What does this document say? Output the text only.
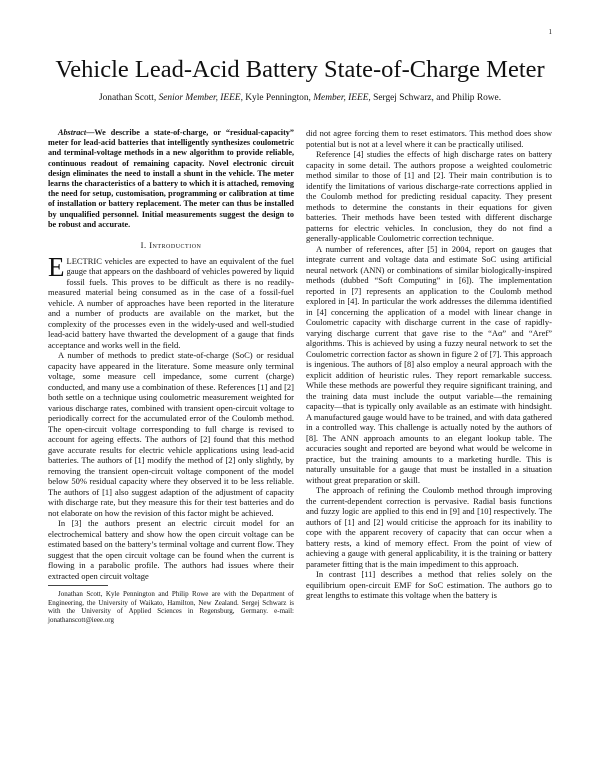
1
Vehicle Lead-Acid Battery State-of-Charge Meter
Jonathan Scott, Senior Member, IEEE, Kyle Pennington, Member, IEEE, Sergej Schwarz, and Philip Rowe.

Abstract—We describe a state-of-charge, or “residual-capacity” meter for lead-acid batteries that intelligently synthesizes coulometric and terminal-voltage methods in a new algorithm to provide reliable, continuous readout of remaining capacity. Novel electronic circuit design eliminates the need to install a shunt in the vehicle. The meter learns the characteristics of a battery to which it is attached, removing the need for setup, customisation, programming or calibration at time of installation or battery replacement. The meter can thus be installed by unqualified personnel. Initial measurements suggest the design to be robust and accurate.

I. Introduction

ELECTRIC vehicles are expected to have an equivalent of the fuel gauge that appears on the dashboard of vehicles powered by liquid fossil fuels. This proves to be difficult as there is no readily-measured material being consumed as in the case of a fossil-fuel vehicle. A number of approaches have been reported in the literature and a number of products are available on the market, but the complexity of the processes even in the widely-used and well-studied lead-acid battery have thwarted the development of a gauge that finds acceptance and works well in the field.

A number of methods to predict state-of-charge (SoC) or residual capacity have appeared in the literature. Some measure only terminal voltage, some measure cell impedance, some current (charge) conducted, and many use a combination of these. References [1] and [2] both settle on a technique using coulometric measurement weighted for various discharge rates, combined with transient open-circuit voltage to periodically correct for the accumulated error of the Coulomb method. The open-circuit voltage corresponding to full charge is revised to account for ageing effects. The authors of [2] found that this method gave accurate results for electric vehicle applications using lead-acid batteries. The authors of [1] modify the method of [2] only slightly, by removing the transient open-circuit voltage component of the model below 50% residual capacity where they observed it to be less reliable. The authors of [1] also suggest adaption of the adjustment of capacity with discharge rate, but they measure this for their test batteries and do not elaborate on how the revision of this factor might be achieved.

In [3] the authors present an electric circuit model for an electrochemical battery and show how the open circuit voltage can be estimated based on the battery’s terminal voltage and current flow. They suggest that the open circuit voltage can be found when the current is flowing in a parabolic profile. The authors had issues where their extracted open circuit voltage

Jonathan Scott, Kyle Pennington and Philip Rowe are with the Department of Engineering, the University of Waikato, Hamilton, New Zealand. Sergej Schwarz is with the University of Applied Sciences in Regensburg, Germany. e-mail: jonathanscott@ieee.org

did not agree forcing them to reset estimators. This method does show potential but is not at a level where it can be practically utilised.

Reference [4] studies the effects of high discharge rates on battery capacity in some detail. The authors propose a weighted coulometric method similar to those of [1] and [2]. Their main contribution is to identify the limitations of various discharge-rate corrections applied in the Coulomb method for predicting residual capacity. They present methods to determine the constants in their equations for given batteries. Their methods have been tested with different discharge patterns for electric vehicles. In conclusion, they do not find a generally-applicable Coulometric correction technique.

A number of references, after [5] in 2004, report on gauges that integrate current and voltage data and estimate SoC using artificial neural network (ANN) or combinations of similar biologically-inspired methods (dubbed “Soft Computing” in [6]). The implementation reported in [7] represents an application to the Coulomb method explored in [4]. In particular the work addresses the dilemma identified in [4] concerning the application of a model with linear change in Coulometric capacity with discharge current in the case of rapidly-varying discharge current that gave rise to the “Aα” and “Aref” algorithms. This is achieved by using a fuzzy neural network to set the Coulometric correction factor as shown in figure 2 of [7]. This approach is ingenious. The authors of [8] also employ a neural approach with the explicit addition of heuristic rules. They report remarkable success. While these methods are powerful they require significant training, and the training data must include the output variable—the remaining capacity—that is typically only available as an estimate with hindsight. A manufactured gauge would have to be trained, and with data gathered in a controlled way. This challenge is actually noted by the authors of [8]. The ANN approach amounts to an elegant lookup table. The accuracies sought and reported are beyond what would be welcome in practice, but the training amounts to a marketing hurdle. This is naturally unsuitable for a gauge that must be installed in a situation without great preparation or skill.

The approach of refining the Coulomb method through improving the current-dependent correction is pervasive. Radial basis functions and fuzzy logic are applied to this end in [9] and [10] respectively. The authors of [1] and [2] would criticise the approach for its inability to cope with the apparent recovery of capacity that can occur when a battery rests, a kind of memory effect. From the point of view of achieving a gauge with general applicability, it is the training or battery parameter fitting that is the main impediment to this approach.

In contrast [11] describes a method that relies solely on the equilibrium open-circuit EMF for SoC estimation. The authors go to great lengths to estimate this voltage when the battery is
